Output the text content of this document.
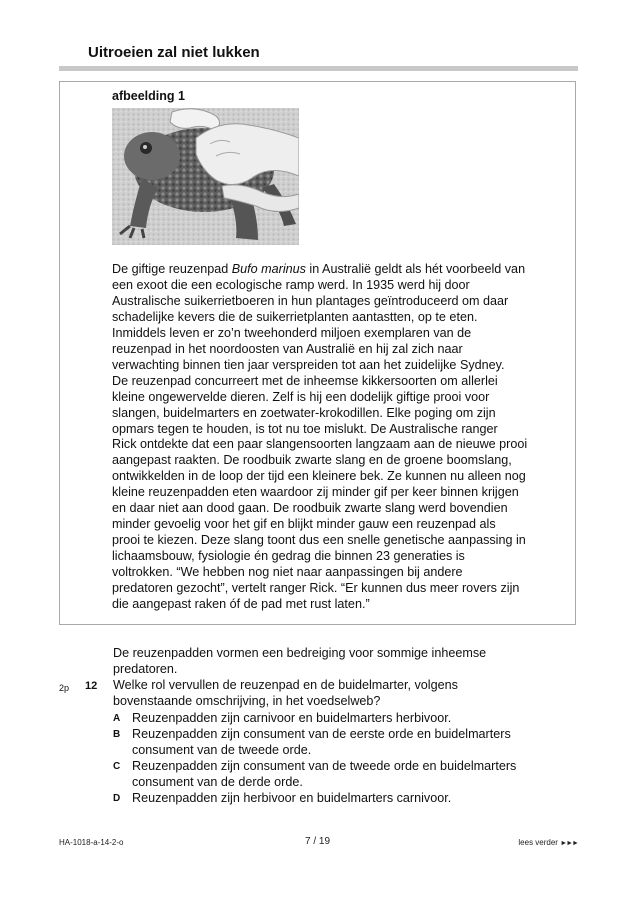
Uitroeien zal niet lukken
afbeelding 1
De giftige reuzenpad Bufo marinus in Australië geldt als hét voorbeeld van
een exoot die een ecologische ramp werd. In 1935 werd hij door
Australische suikerrietboeren in hun plantages geïntroduceerd om daar
schadelijke kevers die de suikerrietplanten aantastten, op te eten.
Inmiddels leven er zo’n tweehonderd miljoen exemplaren van de
reuzenpad in het noordoosten van Australië en hij zal zich naar
verwachting binnen tien jaar verspreiden tot aan het zuidelijke Sydney.
De reuzenpad concurreert met de inheemse kikkersoorten om allerlei
kleine ongewervelde dieren. Zelf is hij een dodelijk giftige prooi voor
slangen, buidelmarters en zoetwater-krokodillen. Elke poging om zijn
opmars tegen te houden, is tot nu toe mislukt. De Australische ranger
Rick ontdekte dat een paar slangensoorten langzaam aan de nieuwe prooi
aangepast raakten. De roodbuik zwarte slang en de groene boomslang,
ontwikkelden in de loop der tijd een kleinere bek. Ze kunnen nu alleen nog
kleine reuzenpadden eten waardoor zij minder gif per keer binnen krijgen
en daar niet aan dood gaan. De roodbuik zwarte slang werd bovendien
minder gevoelig voor het gif en blijkt minder gauw een reuzenpad als
prooi te kiezen. Deze slang toont dus een snelle genetische aanpassing in
lichaamsbouw, fysiologie én gedrag die binnen 23 generaties is
voltrokken. “We hebben nog niet naar aanpassingen bij andere
predatoren gezocht”, vertelt ranger Rick. “Er kunnen dus meer rovers zijn
die aangepast raken óf de pad met rust laten.”
De reuzenpadden vormen een bedreiging voor sommige inheemse
predatoren.
Welke rol vervullen de reuzenpad en de buidelmarter, volgens
bovenstaande omschrijving, in het voedselweb?
2p 12
A Reuzenpadden zijn carnivoor en buidelmarters herbivoor.
B Reuzenpadden zijn consument van de eerste orde en buidelmarters
consument van de tweede orde.
C Reuzenpadden zijn consument van de tweede orde en buidelmarters
consument van de derde orde.
D Reuzenpadden zijn herbivoor en buidelmarters carnivoor.
HA-1018-a-14-2-o	7 / 19	lees verder ►►►
